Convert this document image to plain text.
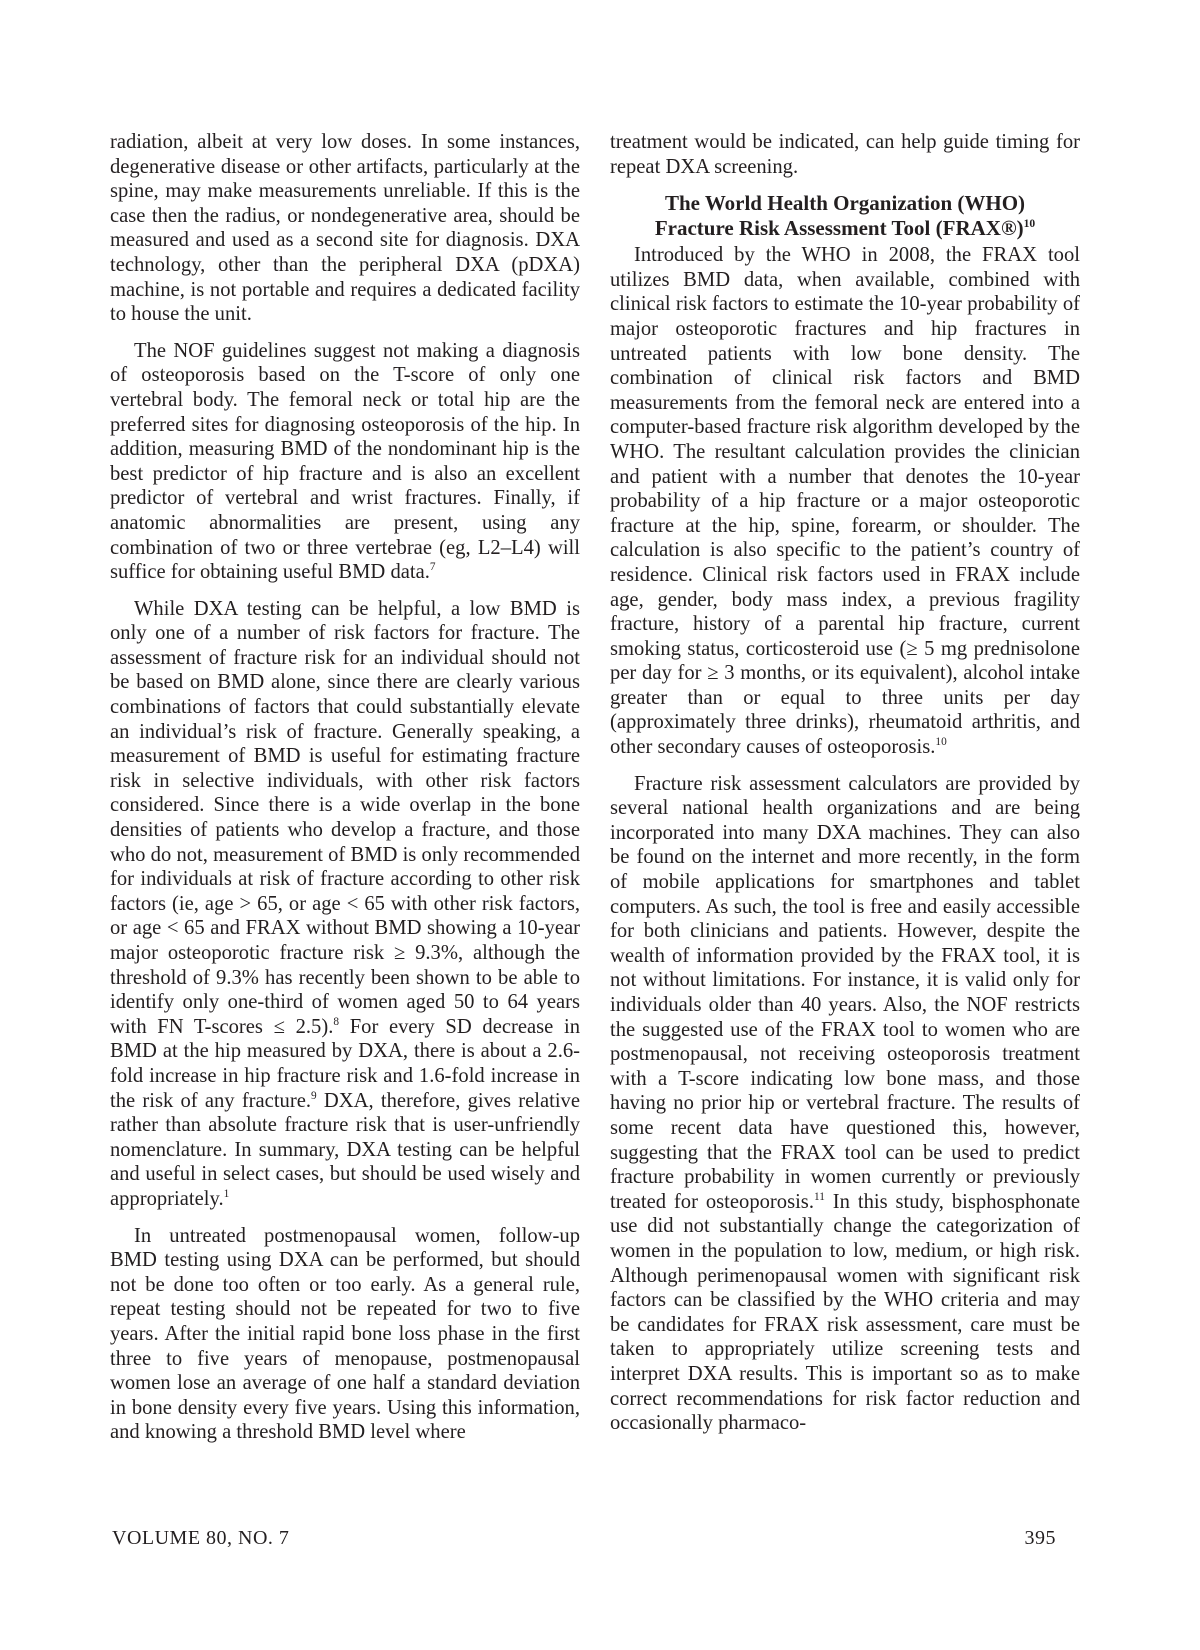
radiation, albeit at very low doses. In some instances, degenerative disease or other artifacts, particularly at the spine, may make measurements unreliable. If this is the case then the radius, or nondegenerative area, should be measured and used as a second site for diagnosis. DXA technology, other than the peripheral DXA (pDXA) machine, is not portable and requires a dedicated facility to house the unit.

The NOF guidelines suggest not making a diagnosis of osteoporosis based on the T-score of only one vertebral body. The femoral neck or total hip are the preferred sites for diagnosing osteoporosis of the hip. In addition, measuring BMD of the nondominant hip is the best predictor of hip fracture and is also an excellent predictor of vertebral and wrist fractures. Finally, if anatomic abnormalities are present, using any combination of two or three vertebrae (eg, L2–L4) will suffice for obtaining useful BMD data.$^7$

While DXA testing can be helpful, a low BMD is only one of a number of risk factors for fracture. The assessment of fracture risk for an individual should not be based on BMD alone, since there are clearly various combinations of factors that could substantially elevate an individual’s risk of fracture. Generally speaking, a measurement of BMD is useful for estimating fracture risk in selective individuals, with other risk factors considered. Since there is a wide overlap in the bone densities of patients who develop a fracture, and those who do not, measurement of BMD is only recommended for individuals at risk of fracture according to other risk factors (ie, age > 65, or age < 65 with other risk factors, or age < 65 and FRAX without BMD showing a 10-year major osteoporotic fracture risk ≥ 9.3%, although the threshold of 9.3% has recently been shown to be able to identify only one-third of women aged 50 to 64 years with FN T-scores ≤ 2.5).$^8$ For every SD decrease in BMD at the hip measured by DXA, there is about a 2.6-fold increase in hip fracture risk and 1.6-fold increase in the risk of any fracture.$^9$ DXA, therefore, gives relative rather than absolute fracture risk that is user-unfriendly nomenclature. In summary, DXA testing can be helpful and useful in select cases, but should be used wisely and appropriately.$^1$

In untreated postmenopausal women, follow-up BMD testing using DXA can be performed, but should not be done too often or too early. As a general rule, repeat testing should not be repeated for two to five years. After the initial rapid bone loss phase in the first three to five years of menopause, postmenopausal women lose an average of one half a standard deviation in bone density every five years. Using this information, and knowing a threshold BMD level where

treatment would be indicated, can help guide timing for repeat DXA screening.

The World Health Organization (WHO)
Fracture Risk Assessment Tool (FRAX®)$^{10}$

Introduced by the WHO in 2008, the FRAX tool utilizes BMD data, when available, combined with clinical risk factors to estimate the 10-year probability of major osteoporotic fractures and hip fractures in untreated patients with low bone density. The combination of clinical risk factors and BMD measurements from the femoral neck are entered into a computer-based fracture risk algorithm developed by the WHO. The resultant calculation provides the clinician and patient with a number that denotes the 10-year probability of a hip fracture or a major osteoporotic fracture at the hip, spine, forearm, or shoulder. The calculation is also specific to the patient’s country of residence. Clinical risk factors used in FRAX include age, gender, body mass index, a previous fragility fracture, history of a parental hip fracture, current smoking status, corticosteroid use (≥ 5 mg prednisolone per day for ≥ 3 months, or its equivalent), alcohol intake greater than or equal to three units per day (approximately three drinks), rheumatoid arthritis, and other secondary causes of osteoporosis.$^{10}$

Fracture risk assessment calculators are provided by several national health organizations and are being incorporated into many DXA machines. They can also be found on the internet and more recently, in the form of mobile applications for smartphones and tablet computers. As such, the tool is free and easily accessible for both clinicians and patients. However, despite the wealth of information provided by the FRAX tool, it is not without limitations. For instance, it is valid only for individuals older than 40 years. Also, the NOF restricts the suggested use of the FRAX tool to women who are postmenopausal, not receiving osteoporosis treatment with a T-score indicating low bone mass, and those having no prior hip or vertebral fracture. The results of some recent data have questioned this, however, suggesting that the FRAX tool can be used to predict fracture probability in women currently or previously treated for osteoporosis.$^{11}$ In this study, bisphosphonate use did not substantially change the categorization of women in the population to low, medium, or high risk. Although perimenopausal women with significant risk factors can be classified by the WHO criteria and may be candidates for FRAX risk assessment, care must be taken to appropriately utilize screening tests and interpret DXA results. This is important so as to make correct recommendations for risk factor reduction and occasionally pharmaco-

VOLUME 80, NO. 7	395
